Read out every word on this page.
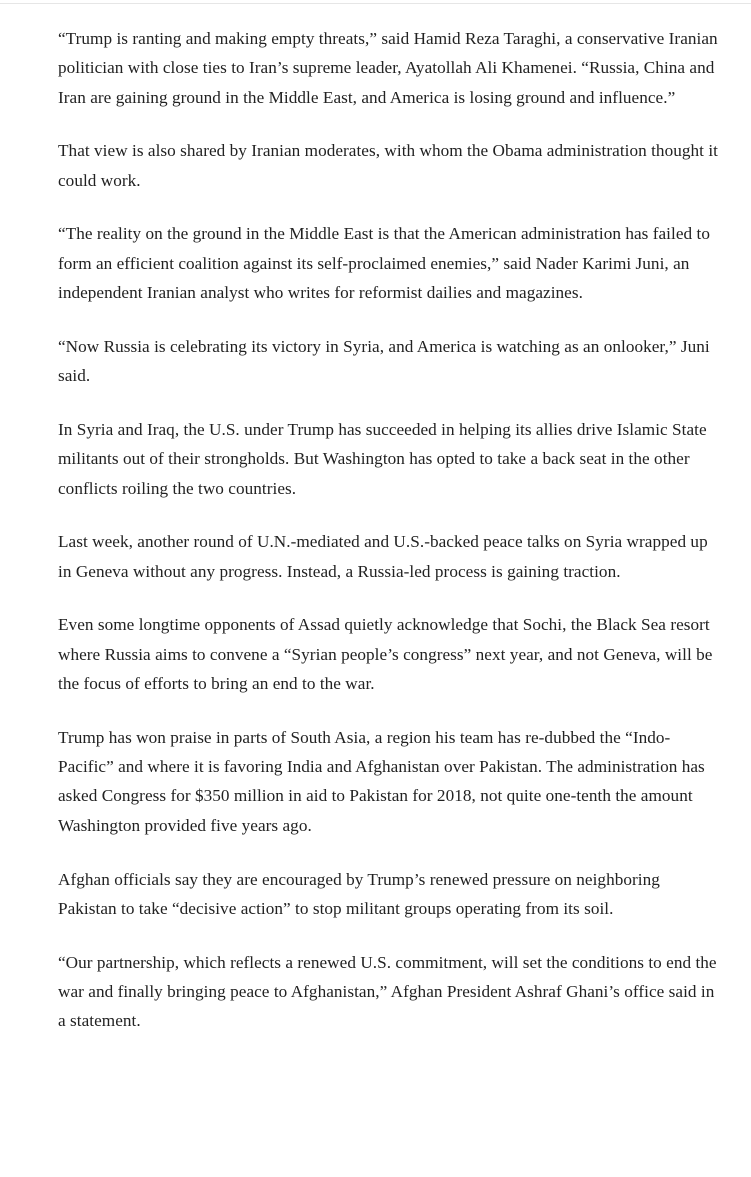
“Trump is ranting and making empty threats,” said Hamid Reza Taraghi, a conservative Iranian politician with close ties to Iran’s supreme leader, Ayatollah Ali Khamenei. “Russia, China and Iran are gaining ground in the Middle East, and America is losing ground and influence.”

That view is also shared by Iranian moderates, with whom the Obama administration thought it could work.

“The reality on the ground in the Middle East is that the American administration has failed to form an efficient coalition against its self-proclaimed enemies,” said Nader Karimi Juni, an independent Iranian analyst who writes for reformist dailies and magazines.

“Now Russia is celebrating its victory in Syria, and America is watching as an onlooker,” Juni said.

In Syria and Iraq, the U.S. under Trump has succeeded in helping its allies drive Islamic State militants out of their strongholds. But Washington has opted to take a back seat in the other conflicts roiling the two countries.

Last week, another round of U.N.-mediated and U.S.-backed peace talks on Syria wrapped up in Geneva without any progress. Instead, a Russia-led process is gaining traction.

Even some longtime opponents of Assad quietly acknowledge that Sochi, the Black Sea resort where Russia aims to convene a “Syrian people’s congress” next year, and not Geneva, will be the focus of efforts to bring an end to the war.

Trump has won praise in parts of South Asia, a region his team has re-dubbed the “Indo-Pacific” and where it is favoring India and Afghanistan over Pakistan. The administration has asked Congress for $350 million in aid to Pakistan for 2018, not quite one-tenth the amount Washington provided five years ago.

Afghan officials say they are encouraged by Trump’s renewed pressure on neighboring Pakistan to take “decisive action” to stop militant groups operating from its soil.

“Our partnership, which reflects a renewed U.S. commitment, will set the conditions to end the war and finally bringing peace to Afghanistan,” Afghan President Ashraf Ghani’s office said in a statement.
